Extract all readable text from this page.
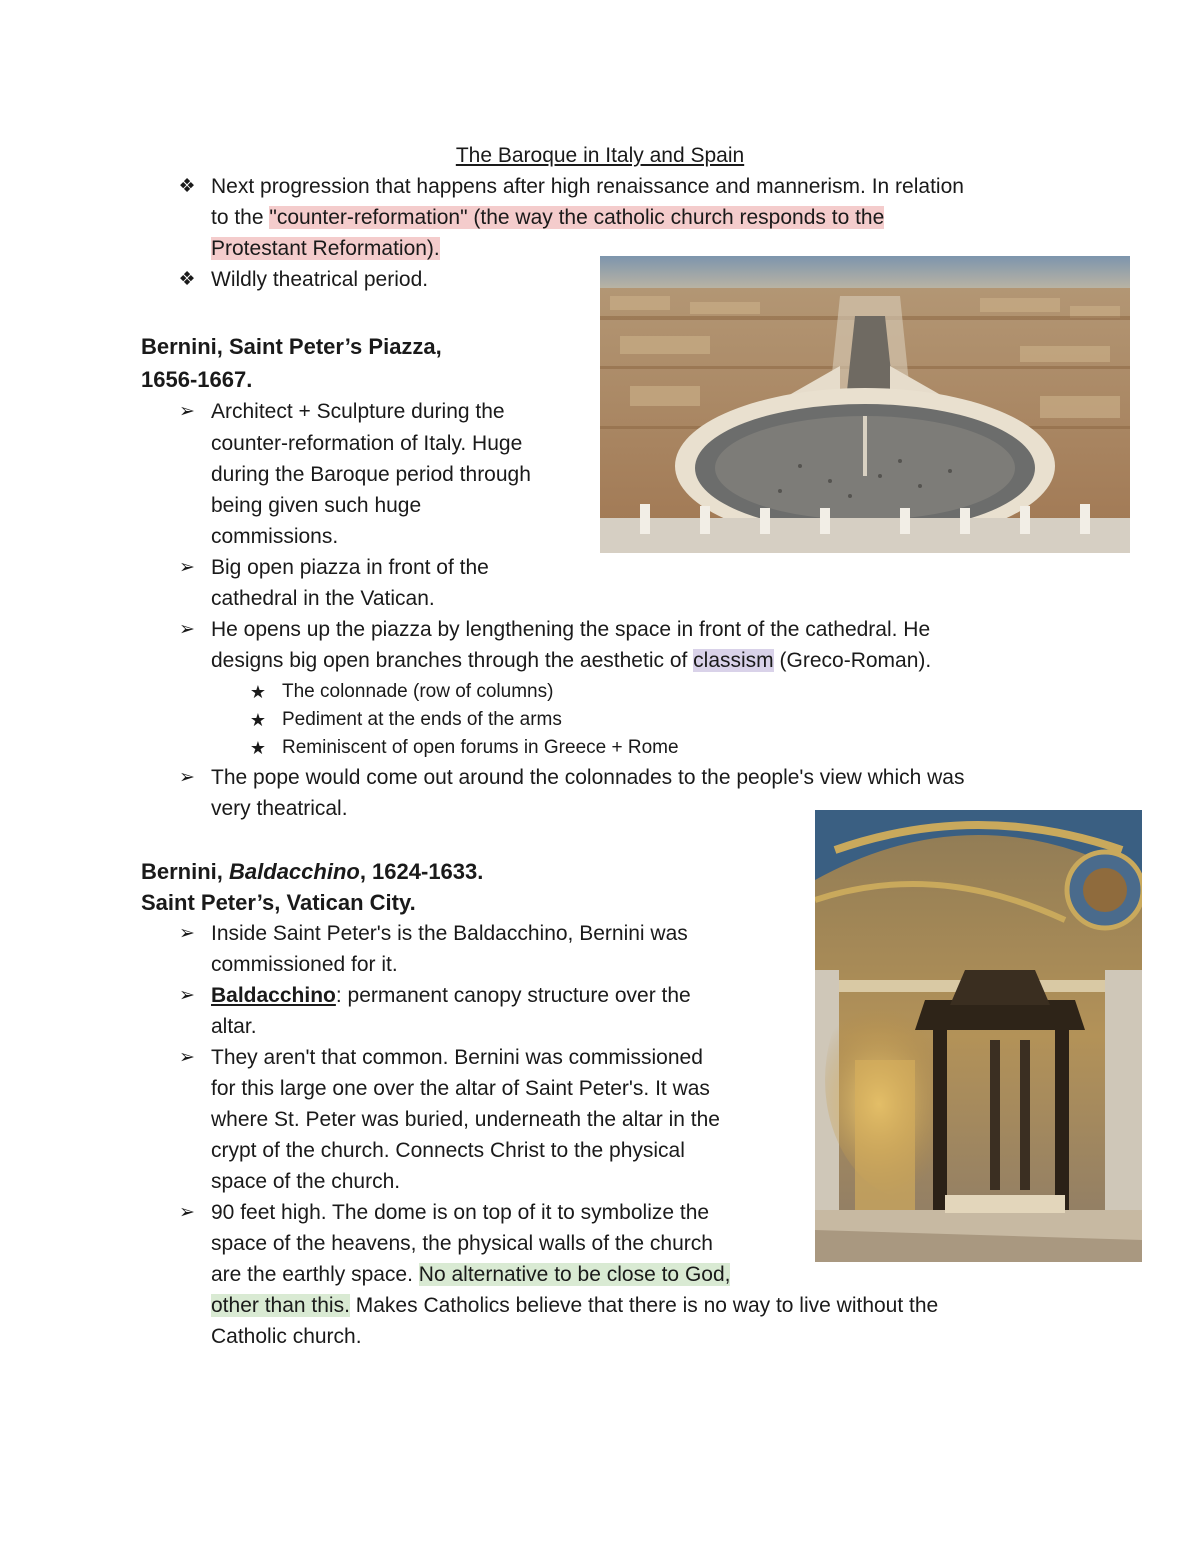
The Baroque in Italy and Spain
❖ Next progression that happens after high renaissance and mannerism. In relation
to the "counter-reformation" (the way the catholic church responds to the
Protestant Reformation).
❖ Wildly theatrical period.
Bernini, Saint Peter’s Piazza,
1656-1667.
➢ Architect + Sculpture during the
counter-reformation of Italy. Huge
during the Baroque period through
being given such huge
commissions.
➢ Big open piazza in front of the
cathedral in the Vatican.
➢ He opens up the piazza by lengthening the space in front of the cathedral. He
designs big open branches through the aesthetic of classism (Greco-Roman).
★ The colonnade (row of columns)
★ Pediment at the ends of the arms
★ Reminiscent of open forums in Greece + Rome
➢ The pope would come out around the colonnades to the people's view which was
very theatrical.
Bernini, Baldacchino, 1624-1633.
Saint Peter’s, Vatican City.
➢ Inside Saint Peter's is the Baldacchino, Bernini was
commissioned for it.
➢ Baldacchino: permanent canopy structure over the
altar.
➢ They aren't that common. Bernini was commissioned
for this large one over the altar of Saint Peter's. It was
where St. Peter was buried, underneath the altar in the
crypt of the church. Connects Christ to the physical
space of the church.
➢ 90 feet high. The dome is on top of it to symbolize the
space of the heavens, the physical walls of the church
are the earthly space. No alternative to be close to God,
other than this. Makes Catholics believe that there is no way to live without the
Catholic church.
